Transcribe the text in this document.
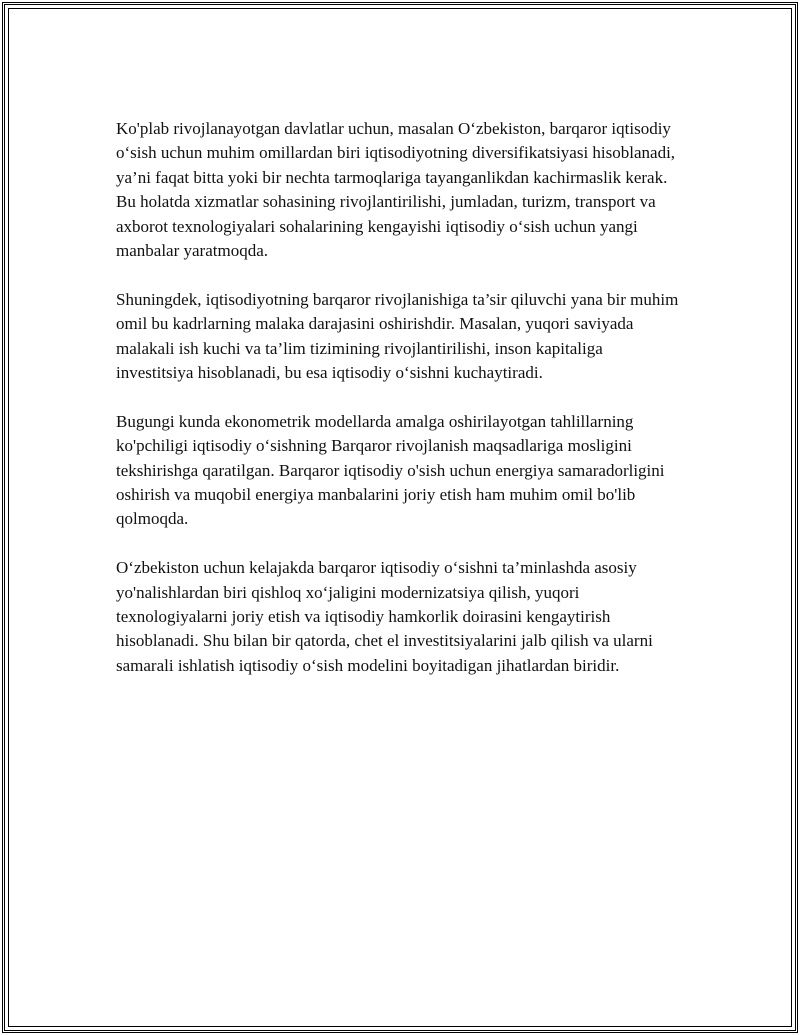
Ko'plab rivojlanayotgan davlatlar uchun, masalan O‘zbekiston, barqaror iqtisodiy o‘sish uchun muhim omillardan biri iqtisodiyotning diversifikatsiyasi hisoblanadi, ya’ni faqat bitta yoki bir nechta tarmoqlariga tayanganlikdan kachirmaslik kerak. Bu holatda xizmatlar sohasining rivojlantirilishi, jumladan, turizm, transport va axborot texnologiyalari sohalarining kengayishi iqtisodiy o‘sish uchun yangi manbalar yaratmoqda.

Shuningdek, iqtisodiyotning barqaror rivojlanishiga ta’sir qiluvchi yana bir muhim omil bu kadrlarning malaka darajasini oshirishdir. Masalan, yuqori saviyada malakali ish kuchi va ta’lim tizimining rivojlantirilishi, inson kapitaliga investitsiya hisoblanadi, bu esa iqtisodiy o‘sishni kuchaytiradi.

Bugungi kunda ekonometrik modellarda amalga oshirilayotgan tahlillarning ko'pchiligi iqtisodiy o‘sishning Barqaror rivojlanish maqsadlariga mosligini tekshirishga qaratilgan. Barqaror iqtisodiy o'sish uchun energiya samaradorligini oshirish va muqobil energiya manbalarini joriy etish ham muhim omil bo'lib qolmoqda.

O‘zbekiston uchun kelajakda barqaror iqtisodiy o‘sishni ta’minlashda asosiy yo'nalishlardan biri qishloq xo‘jaligini modernizatsiya qilish, yuqori texnologiyalarni joriy etish va iqtisodiy hamkorlik doirasini kengaytirish hisoblanadi. Shu bilan bir qatorda, chet el investitsiyalarini jalb qilish va ularni samarali ishlatish iqtisodiy o‘sish modelini boyitadigan jihatlardan biridir.
